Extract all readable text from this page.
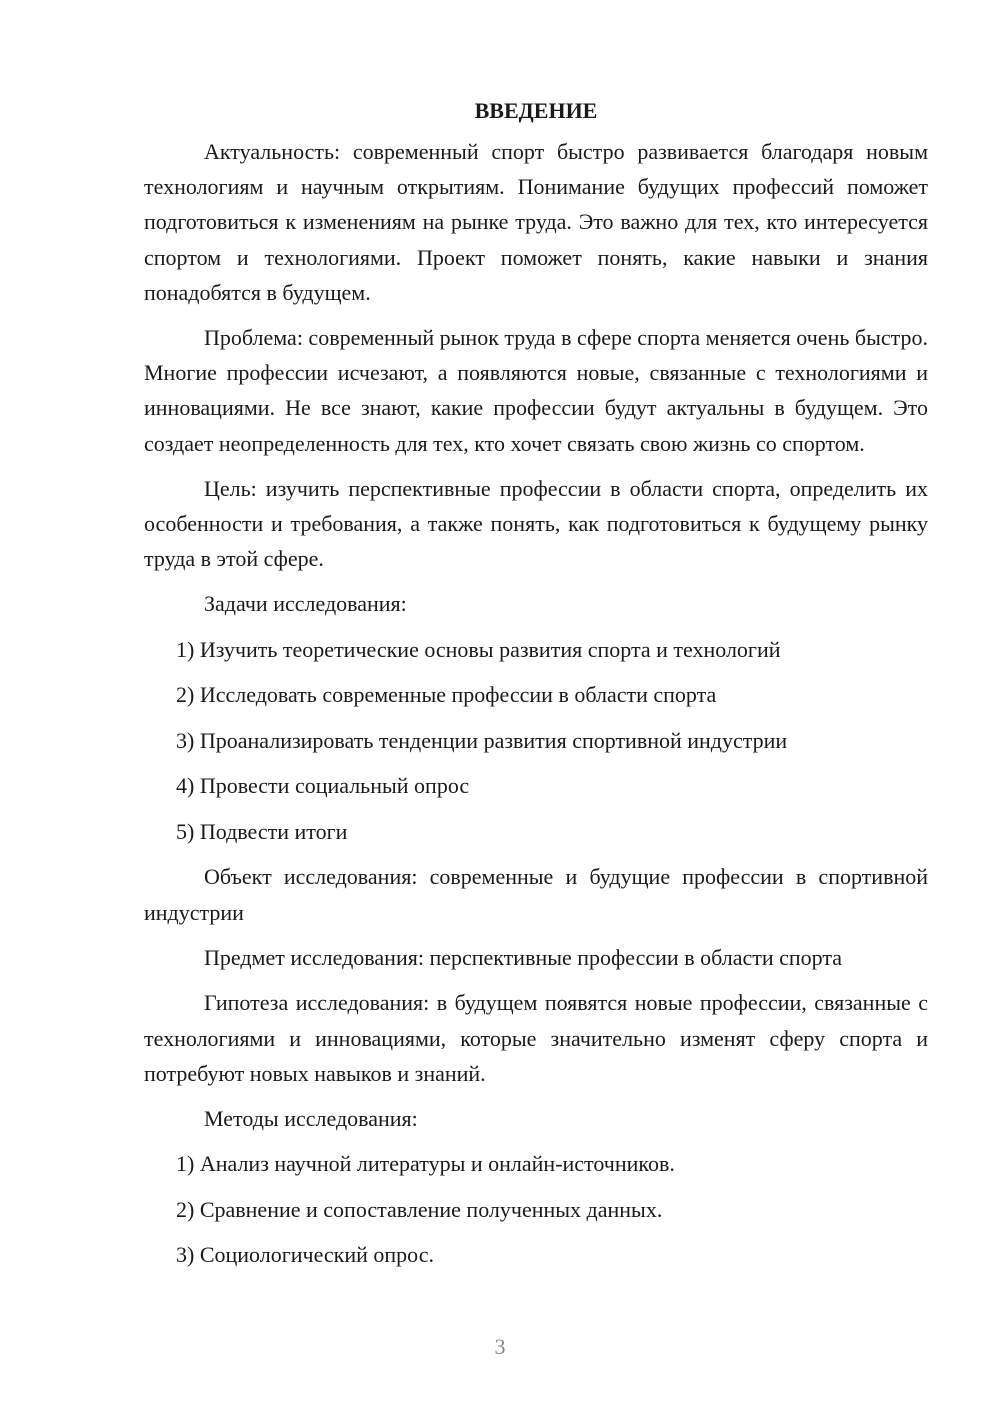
ВВЕДЕНИЕ

Актуальность: современный спорт быстро развивается благодаря новым технологиям и научным открытиям. Понимание будущих профессий поможет подготовиться к изменениям на рынке труда. Это важно для тех, кто интересуется спортом и технологиями. Проект поможет понять, какие навыки и знания понадобятся в будущем.

Проблема: современный рынок труда в сфере спорта меняется очень быстро. Многие профессии исчезают, а появляются новые, связанные с технологиями и инновациями. Не все знают, какие профессии будут актуальны в будущем. Это создает неопределенность для тех, кто хочет связать свою жизнь со спортом.

Цель: изучить перспективные профессии в области спорта, определить их особенности и требования, а также понять, как подготовиться к будущему рынку труда в этой сфере.

Задачи исследования:
1) Изучить теоретические основы развития спорта и технологий
2) Исследовать современные профессии в области спорта
3) Проанализировать тенденции развития спортивной индустрии
4) Провести социальный опрос
5) Подвести итоги

Объект исследования: современные и будущие профессии в спортивной индустрии

Предмет исследования: перспективные профессии в области спорта

Гипотеза исследования: в будущем появятся новые профессии, связанные с технологиями и инновациями, которые значительно изменят сферу спорта и потребуют новых навыков и знаний.

Методы исследования:
1) Анализ научной литературы и онлайн-источников.
2) Сравнение и сопоставление полученных данных.
3) Социологический опрос.
3
